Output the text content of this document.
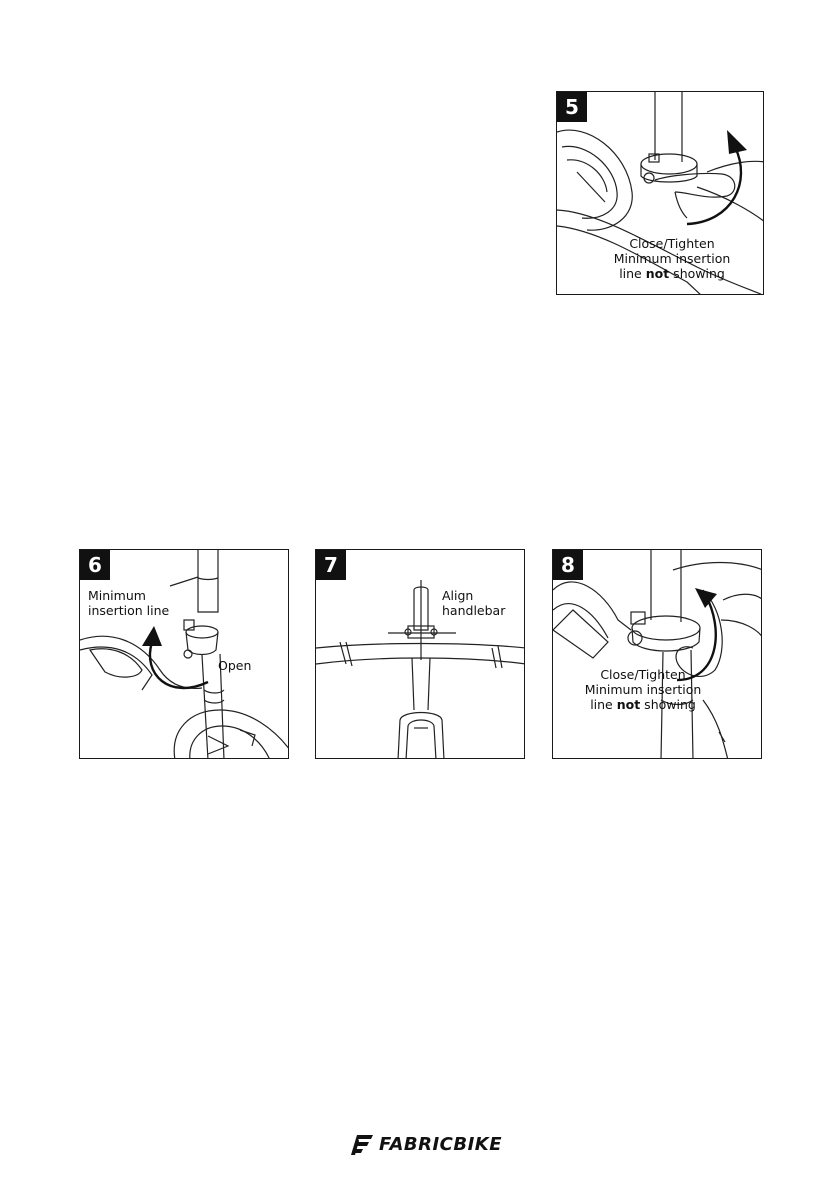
5
Close/Tighten
Minimum insertion
line not showing
6
Minimum
insertion line
Open
7
Align
handlebar
8
Close/Tighten
Minimum insertion
line not showing
FABRICBIKE
